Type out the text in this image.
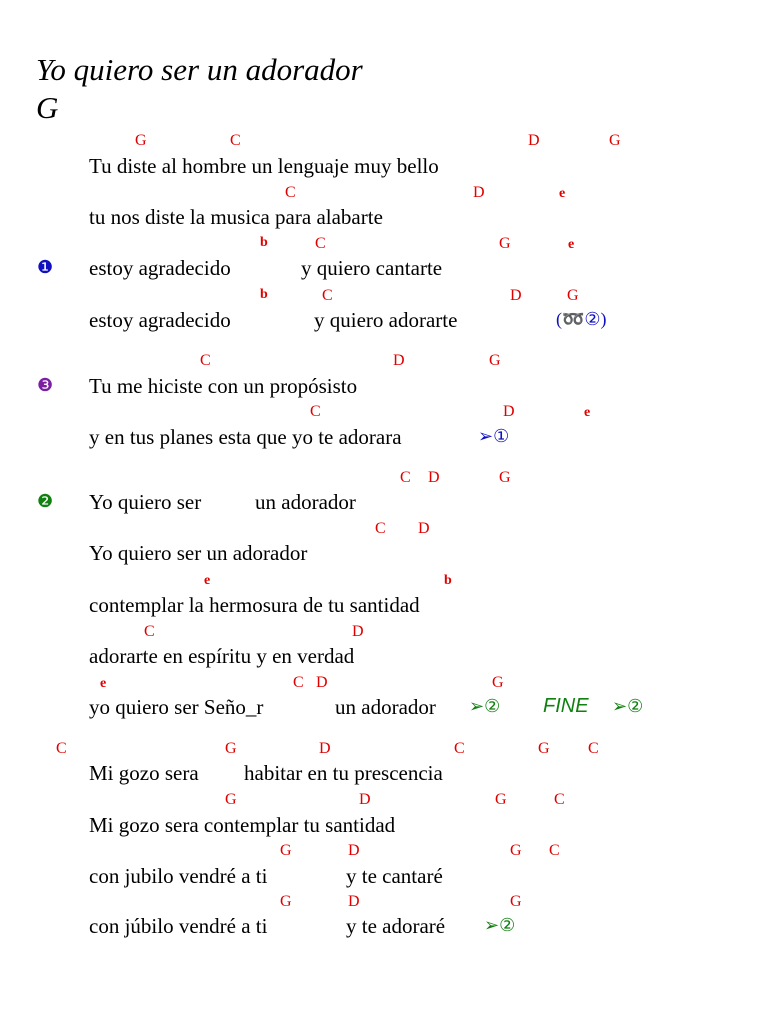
Yo quiero ser un adorador
G
G	C	D	G
Tu diste al hombre un lenguaje muy bello
C	D	e
tu nos diste la musica para alabarte
b	C	G	e
❶ estoy agradecido	y quiero cantarte
b	C	D	G
estoy agradecido	y quiero adorarte	(➿②)
C	D	G
❸ Tu me hiciste con un propósisto
C	D	e
y en tus planes esta que yo te adorara	➢①
C D	G
❷ Yo quiero ser	un adorador
C D
Yo quiero ser un adorador
e	b
contemplar la hermosura de tu santidad
C	D
adorarte en espíritu y en verdad
e	C D	G
yo quiero ser Seño_r	un adorador ➢② FINE ➢②
C	G	D	C	G C
Mi gozo sera habitar en tu prescencia
G	D	G	C
Mi gozo sera contemplar tu santidad
G	D	G C
con jubilo vendré a ti	y te cantaré
G	D	G
con júbilo vendré a ti	y te adoraré ➢②
